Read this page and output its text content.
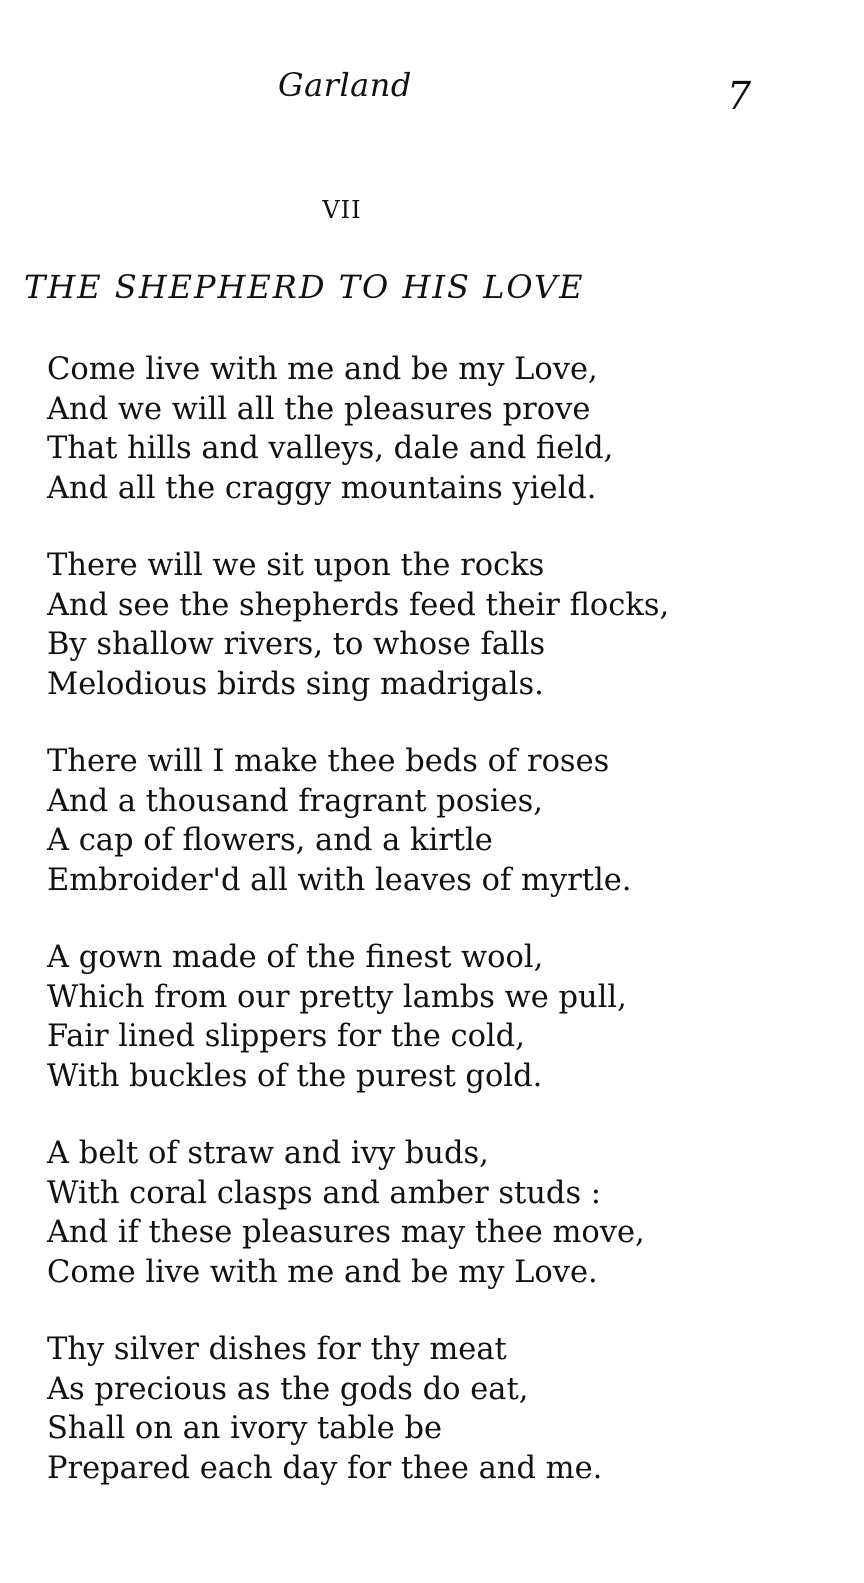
Garland	7
VII
THE SHEPHERD TO HIS LOVE
Come live with me and be my Love,
And we will all the pleasures prove
That hills and valleys, dale and field,
And all the craggy mountains yield.
There will we sit upon the rocks
And see the shepherds feed their flocks,
By shallow rivers, to whose falls
Melodious birds sing madrigals.
There will I make thee beds of roses
And a thousand fragrant posies,
A cap of flowers, and a kirtle
Embroider'd all with leaves of myrtle.
A gown made of the finest wool,
Which from our pretty lambs we pull,
Fair lined slippers for the cold,
With buckles of the purest gold.
A belt of straw and ivy buds,
With coral clasps and amber studs :
And if these pleasures may thee move,
Come live with me and be my Love.
Thy silver dishes for thy meat
As precious as the gods do eat,
Shall on an ivory table be
Prepared each day for thee and me.
